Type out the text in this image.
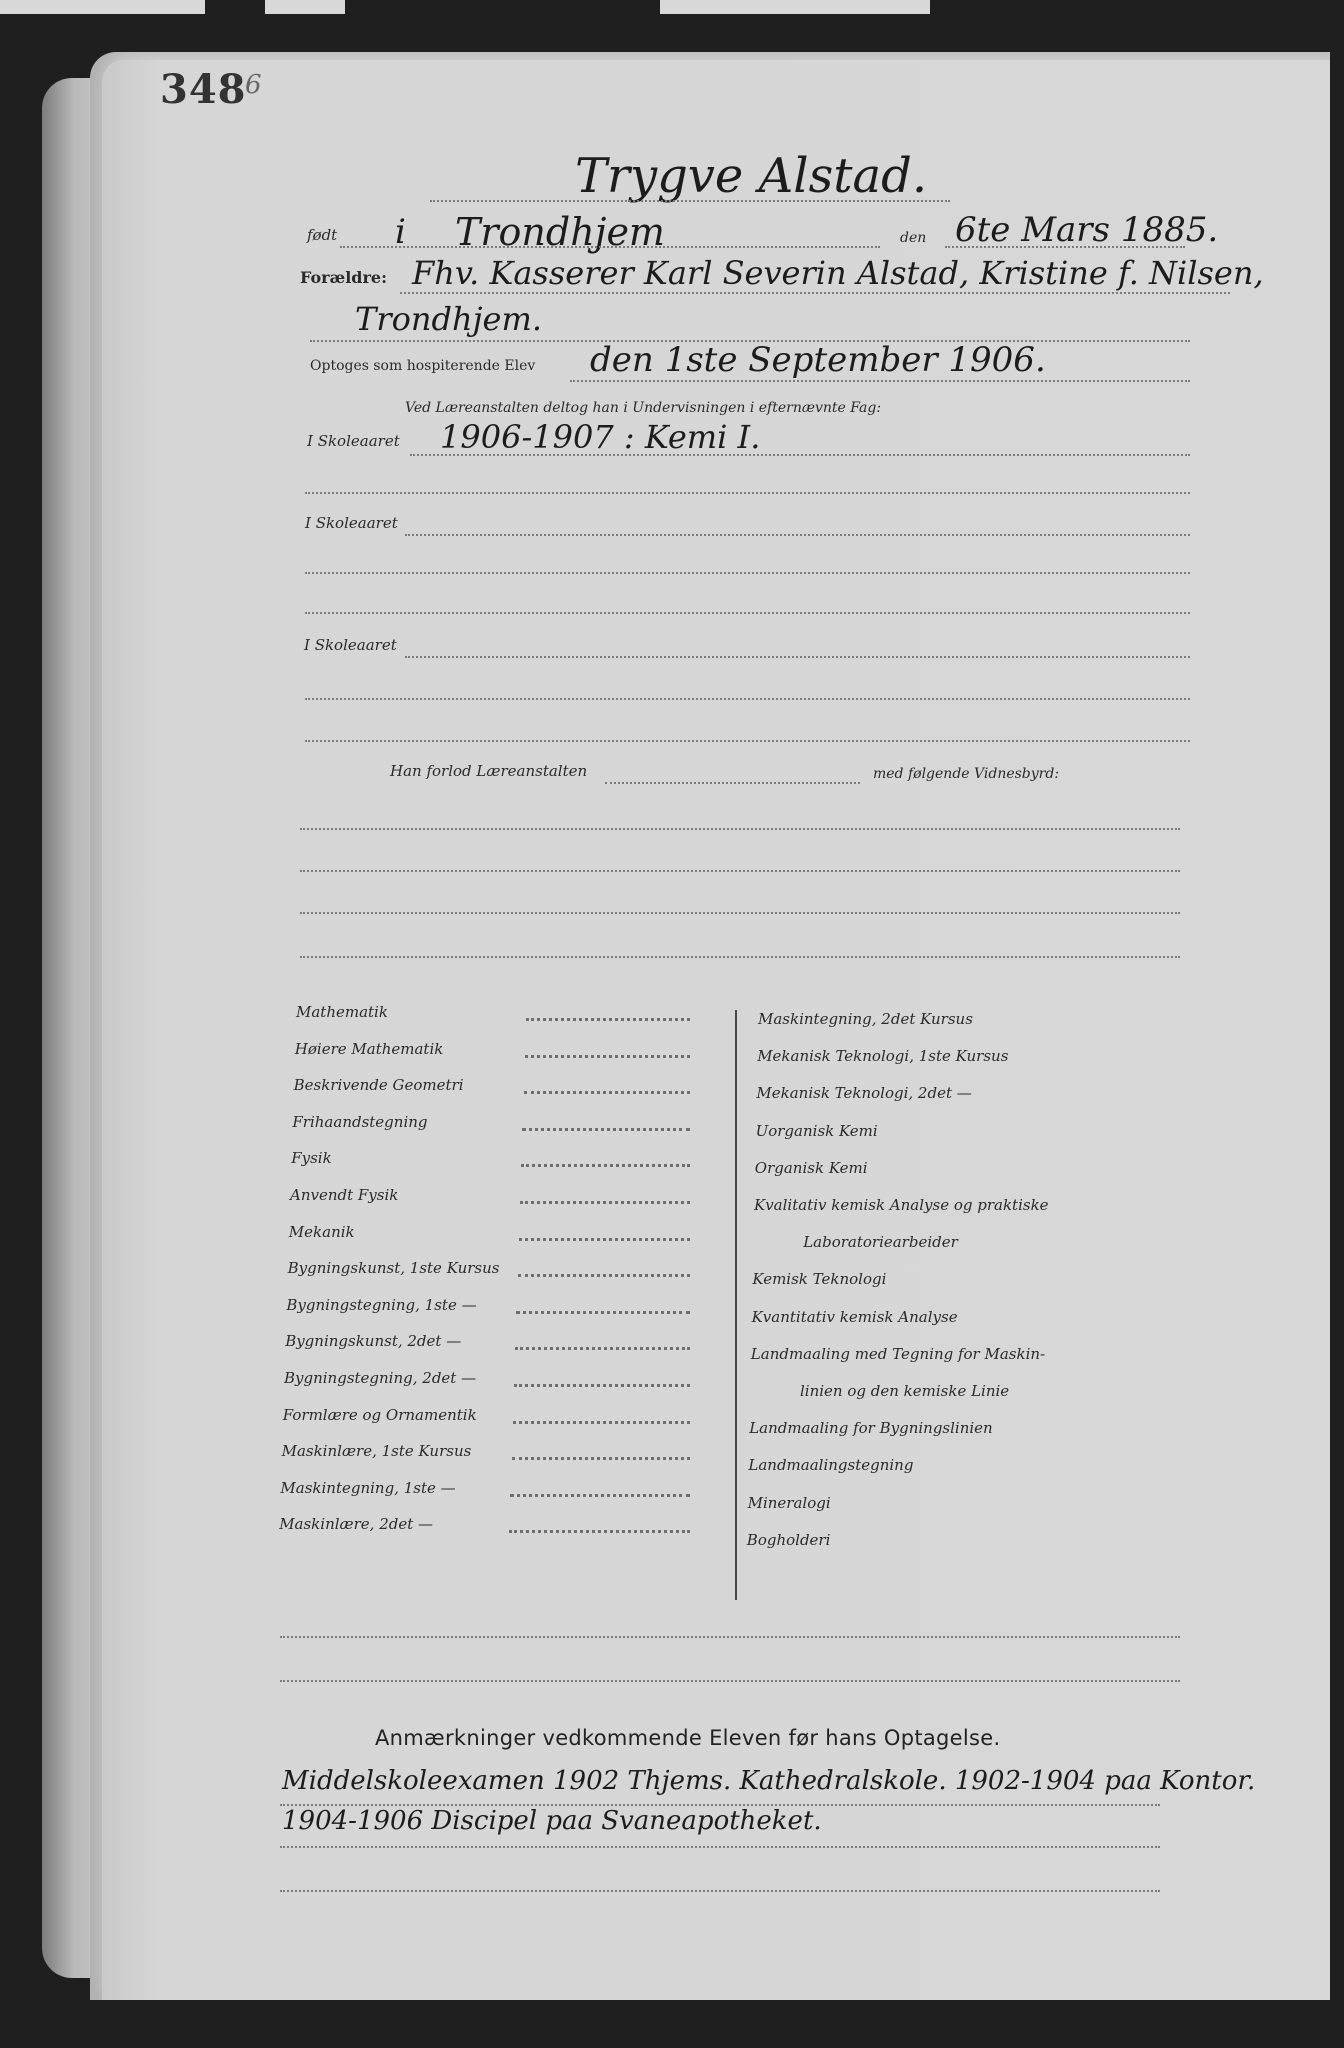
348
6
Trygve Alstad.
født i Trondhjem	den 6te Mars 1885.
Forældre: Fhv. Kasserer Karl Severin Alstad, Kristine f. Nilsen,
Trondhjem.
Optoges som hospiterende Elev den 1ste September 1906.
Ved Læreanstalten deltog han i Undervisningen i efternævnte Fag:
I Skoleaaret 1906-1907 : Kemi I.
I Skoleaaret
I Skoleaaret
Han forlod Læreanstalten	med følgende Vidnesbyrd:
Mathematik
Høiere Mathematik
Beskrivende Geometri
Frihaandstegning
Fysik
Anvendt Fysik
Mekanik
Bygningskunst, 1ste Kursus
Bygningstegning, 1ste —
Bygningskunst, 2det —
Bygningstegning, 2det —
Formlære og Ornamentik
Maskinlære, 1ste Kursus
Maskintegning, 1ste —
Maskinlære, 2det —
Maskintegning, 2det Kursus
Mekanisk Teknologi, 1ste Kursus
Mekanisk Teknologi, 2det —
Uorganisk Kemi
Organisk Kemi
Kvalitativ kemisk Analyse og praktiske
Laboratoriearbeider
Kemisk Teknologi
Kvantitativ kemisk Analyse
Landmaaling med Tegning for Maskin-
linien og den kemiske Linie
Landmaaling for Bygningslinien
Landmaalingstegning
Mineralogi
Bogholderi
Anmærkninger vedkommende Eleven før hans Optagelse.
Middelskoleexamen 1902 Thjems. Kathedralskole. 1902-1904 paa Kontor.
1904-1906 Discipel paa Svaneapotheket.
